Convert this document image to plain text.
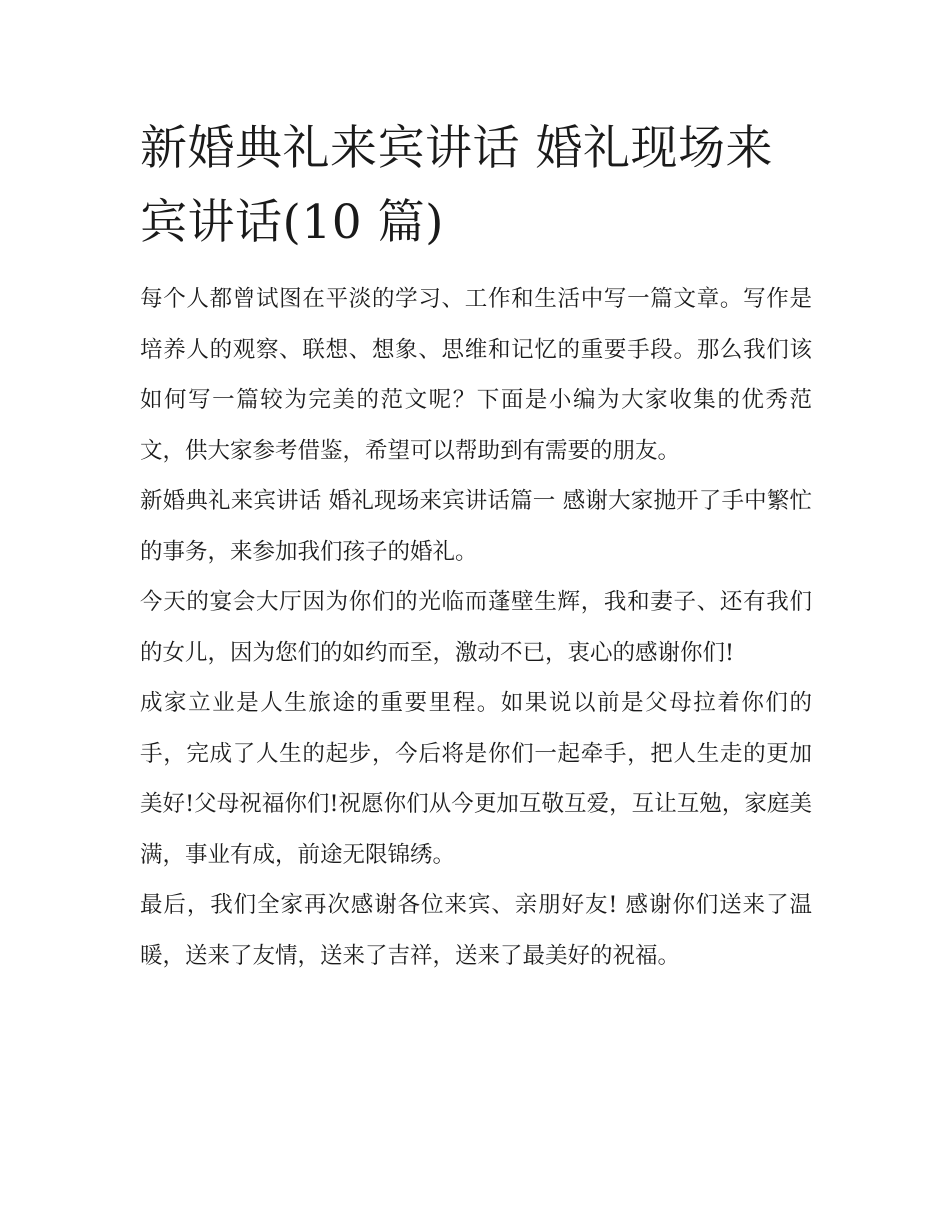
新婚典礼来宾讲话 婚礼现场来宾讲话(10 篇)

每个人都曾试图在平淡的学习、工作和生活中写一篇文章。写作是培养人的观察、联想、想象、思维和记忆的重要手段。那么我们该如何写一篇较为完美的范文呢？下面是小编为大家收集的优秀范文，供大家参考借鉴，希望可以帮助到有需要的朋友。

新婚典礼来宾讲话 婚礼现场来宾讲话篇一 感谢大家抛开了手中繁忙的事务，来参加我们孩子的婚礼。

今天的宴会大厅因为你们的光临而蓬壁生辉，我和妻子、还有我们的女儿，因为您们的如约而至，激动不已，衷心的感谢你们!

成家立业是人生旅途的重要里程。如果说以前是父母拉着你们的手，完成了人生的起步，今后将是你们一起牵手，把人生走的更加美好!父母祝福你们!祝愿你们从今更加互敬互爱，互让互勉，家庭美满，事业有成，前途无限锦绣。

最后，我们全家再次感谢各位来宾、亲朋好友! 感谢你们送来了温暖，送来了友情，送来了吉祥，送来了最美好的祝福。
